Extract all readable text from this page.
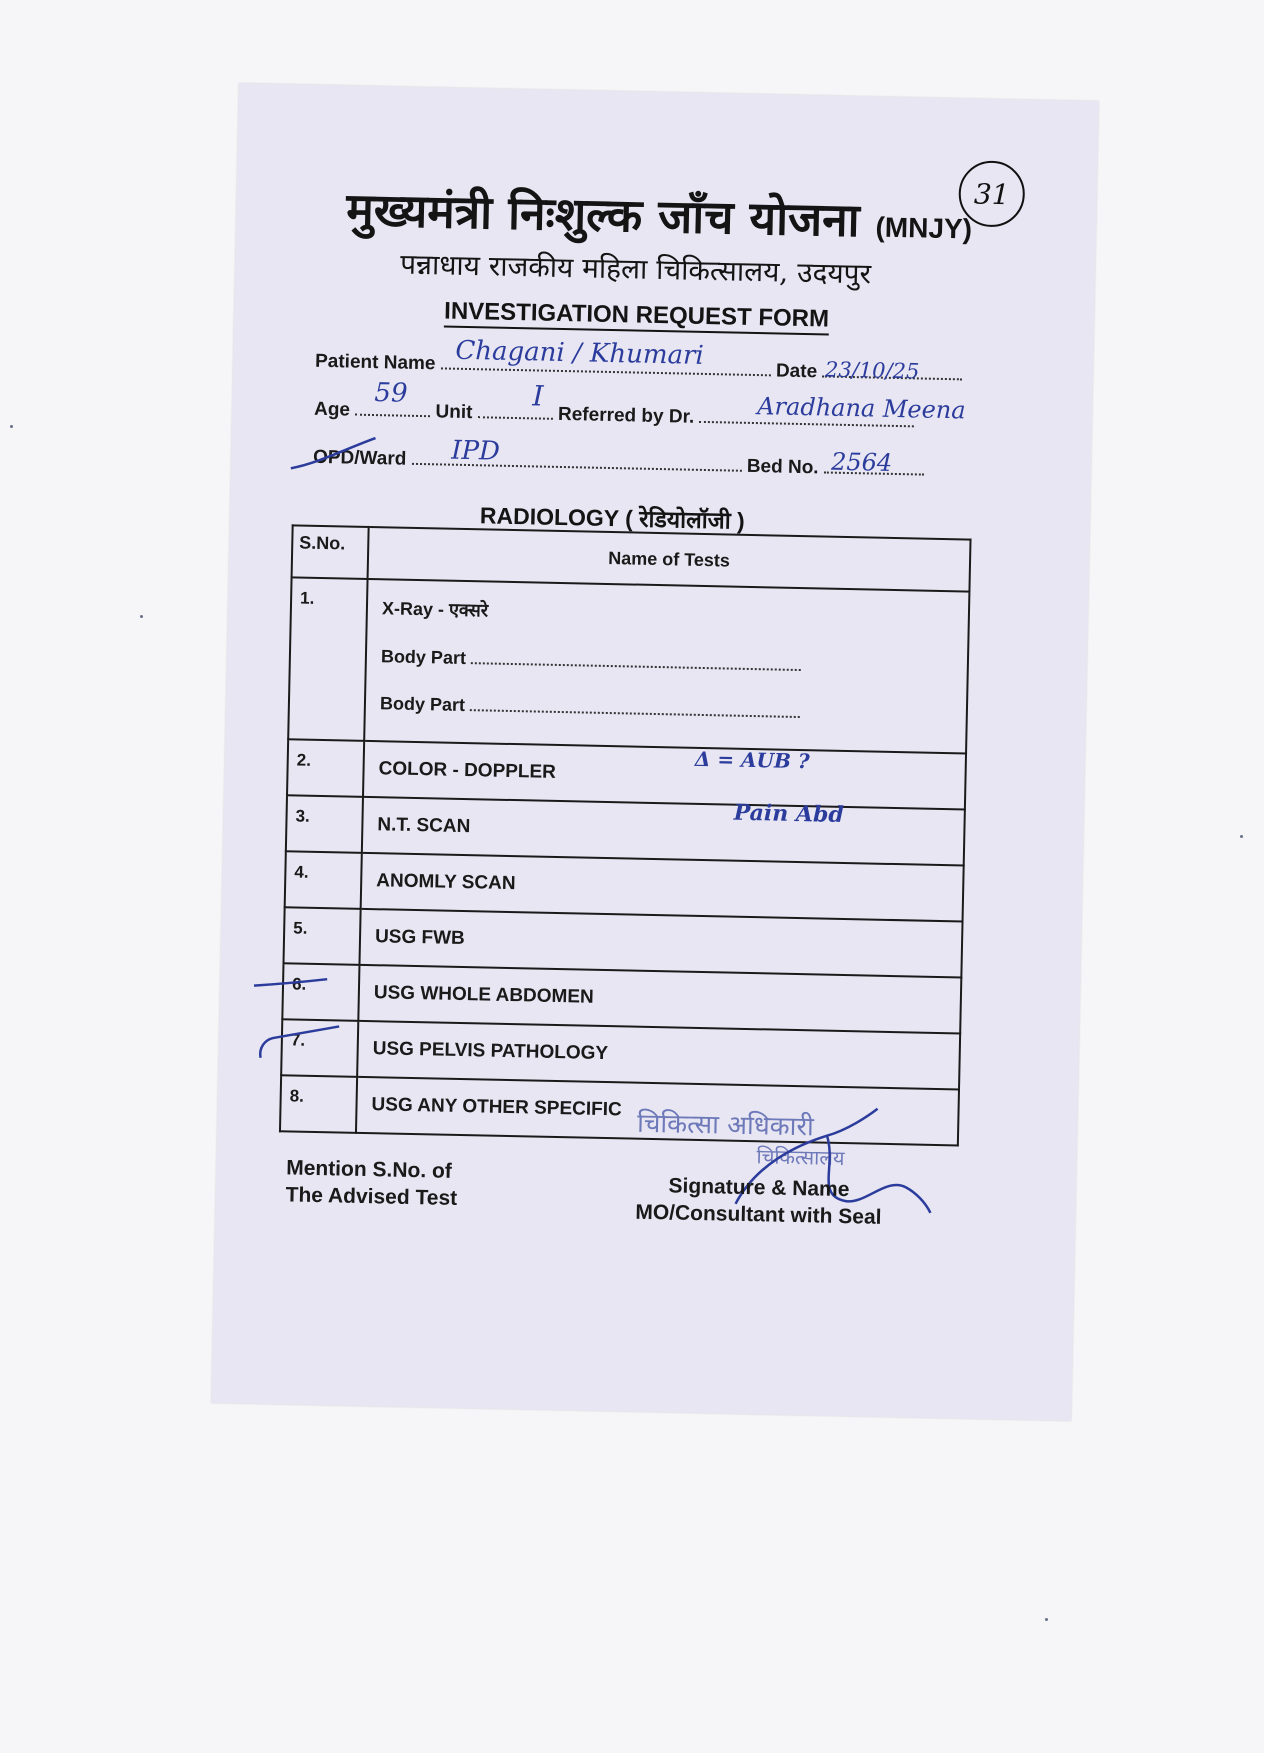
मुख्यमंत्री निःशुल्क जाँच योजना (MNJY)
31
पन्नाधाय राजकीय महिला चिकित्सालय, उदयपुर
INVESTIGATION REQUEST FORM
Patient Name	Date
Chagani / Khumari	23/10/25
Age	Unit	Referred by Dr.
59	I	Aradhana Meena
OPD/Ward	Bed No.
IPD	2564
RADIOLOGY ( रेडियोलॉजी )
S.No.	Name of Tests
1.	X-Ray - एक्सरे
Body Part
Body Part

2.	COLOR - DOPPLER Δ = AUB ?

3.	N.T. SCAN Pain Abd

4.	ANOMLY SCAN
5.	USG FWB
6.	USG WHOLE ABDOMEN
7.	USG PELVIS PATHOLOGY
8.	USG ANY OTHER SPECIFIC
Mention S.No. of
The Advised Test
चिकित्सा अधिकारी
चिकित्सालय
Signature & Name
MO/Consultant with Seal
